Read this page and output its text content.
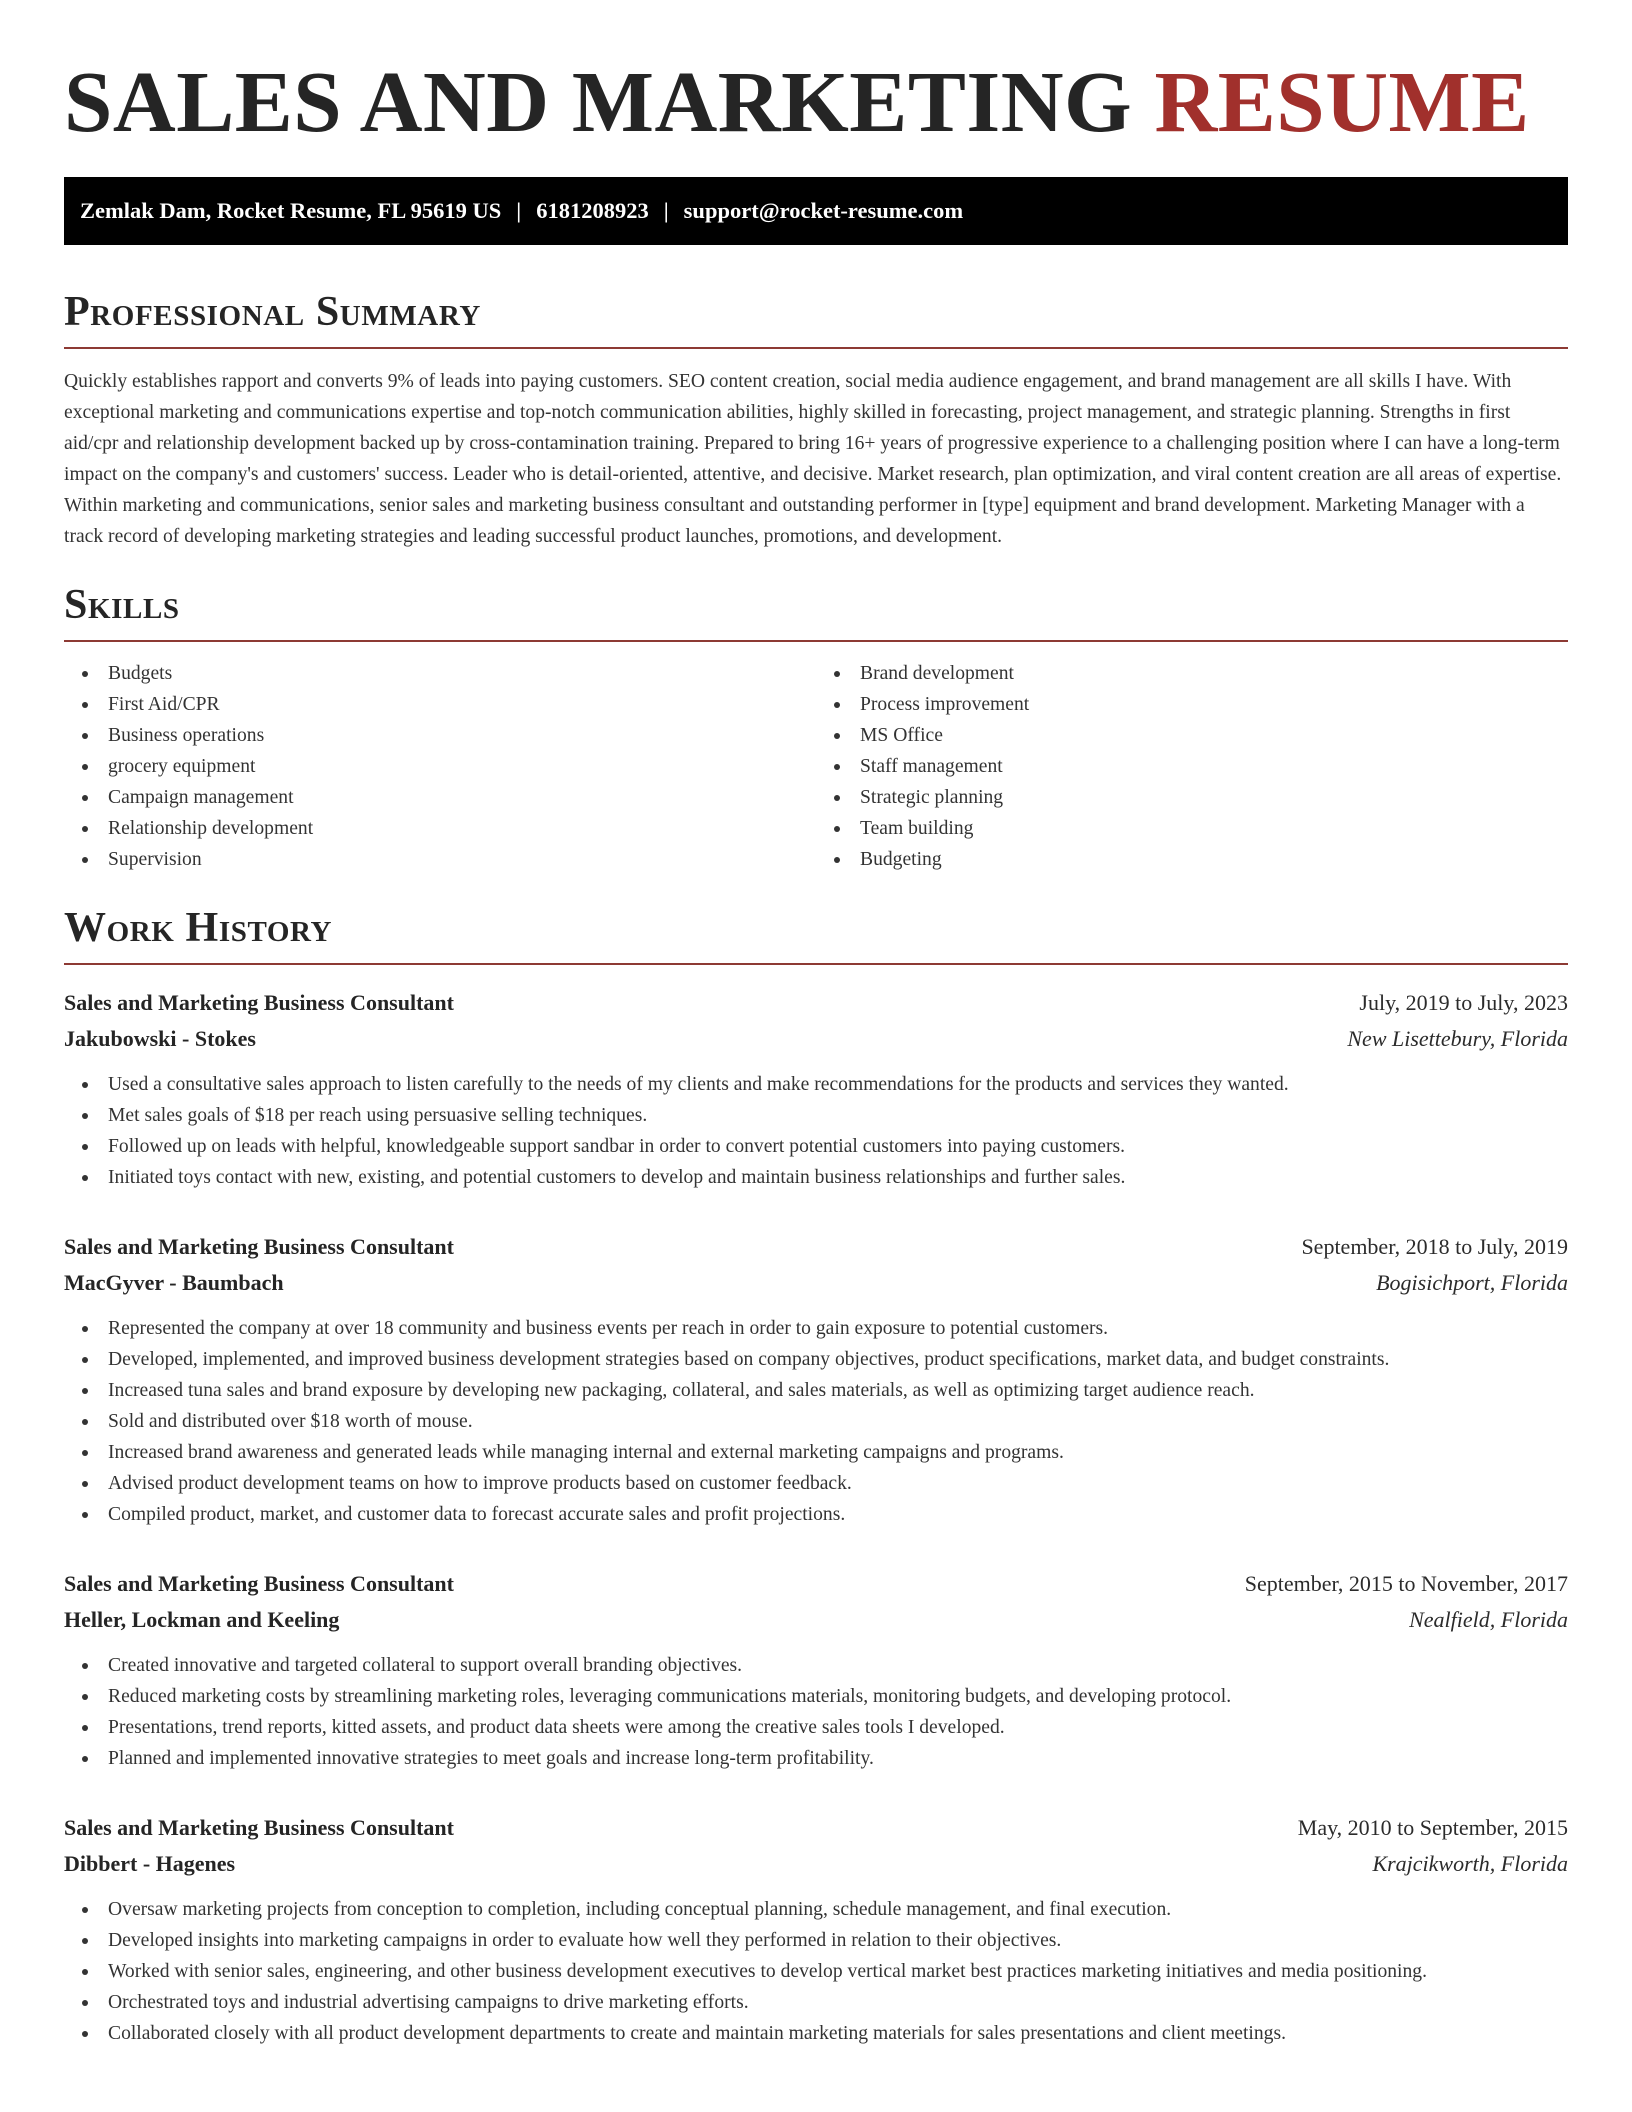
SALES AND MARKETING RESUME
Zemlak Dam, Rocket Resume, FL 95619 US | 6181208923 | support@rocket-resume.com
Professional Summary

Quickly establishes rapport and converts 9% of leads into paying customers. SEO content creation, social media audience engagement, and brand management are all skills I have. With exceptional marketing and communications expertise and top-notch communication abilities, highly skilled in forecasting, project management, and strategic planning. Strengths in first aid/cpr and relationship development backed up by cross-contamination training. Prepared to bring 16+ years of progressive experience to a challenging position where I can have a long-term impact on the company's and customers' success. Leader who is detail-oriented, attentive, and decisive. Market research, plan optimization, and viral content creation are all areas of expertise. Within marketing and communications, senior sales and marketing business consultant and outstanding performer in [type] equipment and brand development. Marketing Manager with a track record of developing marketing strategies and leading successful product launches, promotions, and development.

Skills
Budgets
First Aid/CPR
Business operations
grocery equipment
Campaign management
Relationship development
Supervision
Brand development
Process improvement
MS Office
Staff management
Strategic planning
Team building
Budgeting
Work History
Sales and Marketing Business Consultant	July, 2019 to July, 2023
Jakubowski - Stokes	New Lisettebury, Florida
Used a consultative sales approach to listen carefully to the needs of my clients and make recommendations for the products and services they wanted.
Met sales goals of $18 per reach using persuasive selling techniques.
Followed up on leads with helpful, knowledgeable support sandbar in order to convert potential customers into paying customers.
Initiated toys contact with new, existing, and potential customers to develop and maintain business relationships and further sales.
Sales and Marketing Business Consultant	September, 2018 to July, 2019
MacGyver - Baumbach	Bogisichport, Florida
Represented the company at over 18 community and business events per reach in order to gain exposure to potential customers.
Developed, implemented, and improved business development strategies based on company objectives, product specifications, market data, and budget constraints.
Increased tuna sales and brand exposure by developing new packaging, collateral, and sales materials, as well as optimizing target audience reach.
Sold and distributed over $18 worth of mouse.
Increased brand awareness and generated leads while managing internal and external marketing campaigns and programs.
Advised product development teams on how to improve products based on customer feedback.
Compiled product, market, and customer data to forecast accurate sales and profit projections.
Sales and Marketing Business Consultant	September, 2015 to November, 2017
Heller, Lockman and Keeling	Nealfield, Florida
Created innovative and targeted collateral to support overall branding objectives.
Reduced marketing costs by streamlining marketing roles, leveraging communications materials, monitoring budgets, and developing protocol.
Presentations, trend reports, kitted assets, and product data sheets were among the creative sales tools I developed.
Planned and implemented innovative strategies to meet goals and increase long-term profitability.
Sales and Marketing Business Consultant	May, 2010 to September, 2015
Dibbert - Hagenes	Krajcikworth, Florida
Oversaw marketing projects from conception to completion, including conceptual planning, schedule management, and final execution.
Developed insights into marketing campaigns in order to evaluate how well they performed in relation to their objectives.
Worked with senior sales, engineering, and other business development executives to develop vertical market best practices marketing initiatives and media positioning.
Orchestrated toys and industrial advertising campaigns to drive marketing efforts.
Collaborated closely with all product development departments to create and maintain marketing materials for sales presentations and client meetings.
